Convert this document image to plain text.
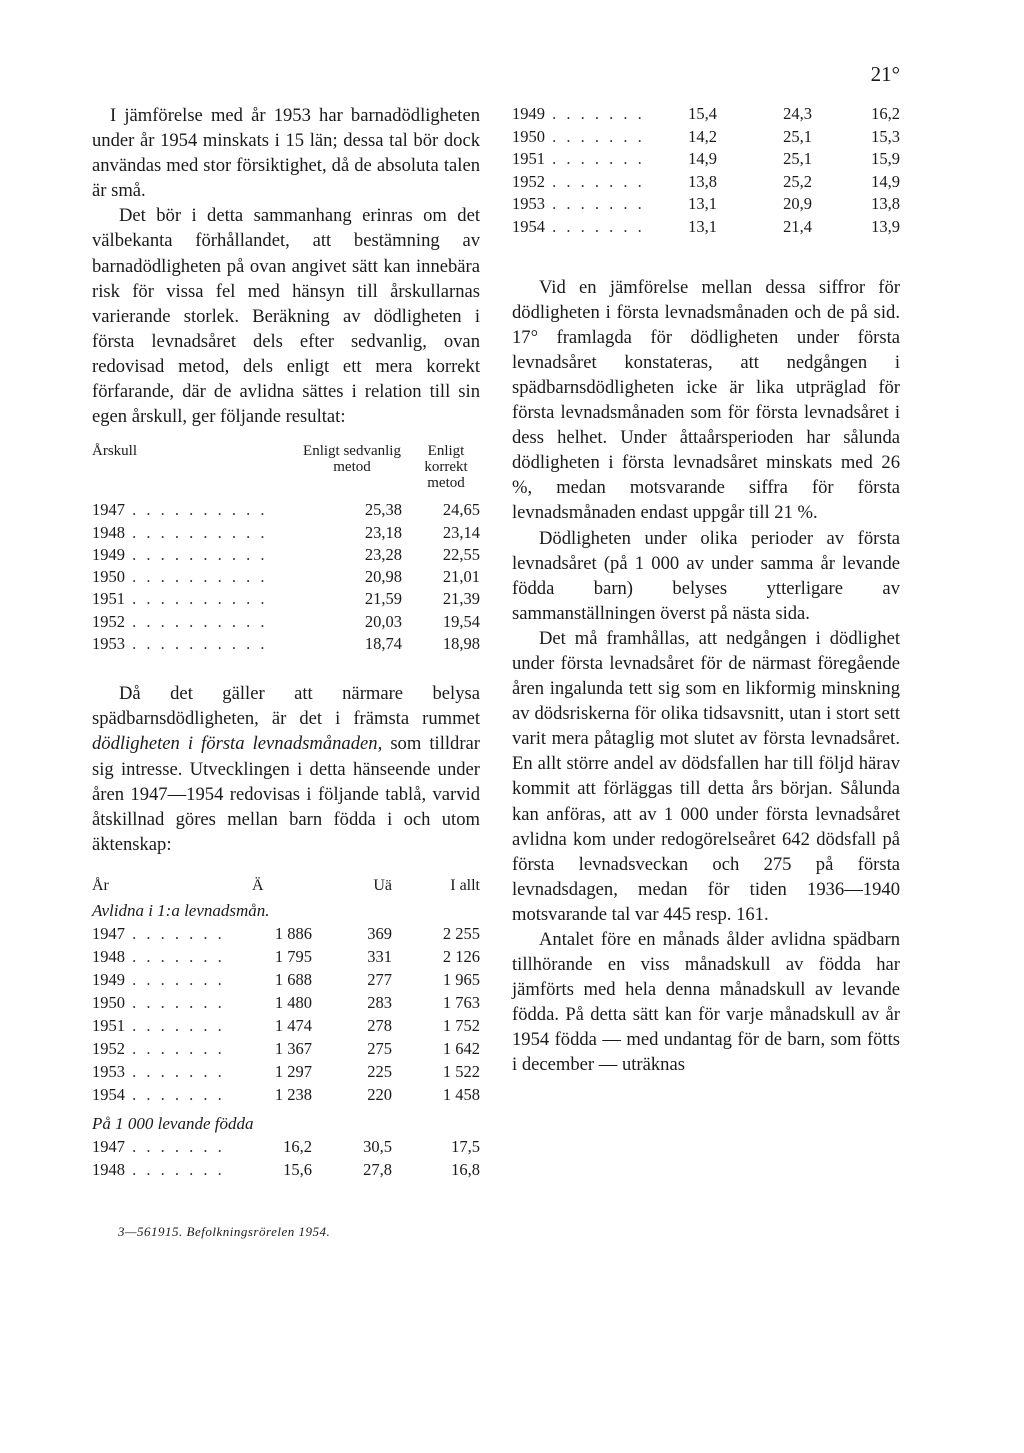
21°

I jämförelse med år 1953 har barnadödligheten under år 1954 minskats i 15 län; dessa tal bör dock användas med stor försiktighet, då de absoluta talen är små.

Det bör i detta sammanhang erinras om det välbekanta förhållandet, att bestämning av barnadödligheten på ovan angivet sätt kan innebära risk för vissa fel med hänsyn till årskullarnas varierande storlek. Beräkning av dödligheten i första levnadsåret dels efter sedvanlig, ovan redovisad metod, dels enligt ett mera korrekt förfarande, där de avlidna sättes i relation till sin egen årskull, ger följande resultat:

Årskull	Enligt sedvanlig metod	Enligt korrekt metod

1947 . . . . . . . . . .	25,38	24,65
1948 . . . . . . . . . .	23,18	23,14
1949 . . . . . . . . . .	23,28	22,55
1950 . . . . . . . . . .	20,98	21,01
1951 . . . . . . . . . .	21,59	21,39
1952 . . . . . . . . . .	20,03	19,54
1953 . . . . . . . . . .	18,74	18,98

Då det gäller att närmare belysa spädbarnsdödligheten, är det i främsta rummet dödligheten i första levnadsmånaden, som tilldrar sig intresse. Utvecklingen i detta hänseende under åren 1947—1954 redovisas i följande tablå, varvid åtskillnad göres mellan barn födda i och utom äktenskap:

År	Ä	Uä	I allt
Avlidna i 1:a levnadsmån.			
1947 . . . . . . .	1 886	369	2 255
1948 . . . . . . .	1 795	331	2 126
1949 . . . . . . .	1 688	277	1 965
1950 . . . . . . .	1 480	283	1 763
1951 . . . . . . .	1 474	278	1 752
1952 . . . . . . .	1 367	275	1 642
1953 . . . . . . .	1 297	225	1 522
1954 . . . . . . .	1 238	220	1 458
På 1 000 levande födda			
1947 . . . . . . .	16,2	30,5	17,5
1948 . . . . . . .	15,6	27,8	16,8
3—561915. Befolkningsrörelen 1954.
1949 . . . . . . .	15,4	24,3	16,2
1950 . . . . . . .	14,2	25,1	15,3
1951 . . . . . . .	14,9	25,1	15,9
1952 . . . . . . .	13,8	25,2	14,9
1953 . . . . . . .	13,1	20,9	13,8
1954 . . . . . . .	13,1	21,4	13,9

Vid en jämförelse mellan dessa siffror för dödligheten i första levnadsmånaden och de på sid. 17° framlagda för dödligheten under första levnadsåret konstateras, att nedgången i spädbarnsdödligheten icke är lika utpräglad för första levnadsmånaden som för första levnadsåret i dess helhet. Under åttaårsperioden har sålunda dödligheten i första levnadsåret minskats med 26 %, medan motsvarande siffra för första levnadsmånaden endast uppgår till 21 %.

Dödligheten under olika perioder av första levnadsåret (på 1 000 av under samma år levande födda barn) belyses ytterligare av sammanställningen överst på nästa sida.

Det må framhållas, att nedgången i dödlighet under första levnadsåret för de närmast föregående åren ingalunda tett sig som en likformig minskning av dödsriskerna för olika tidsavsnitt, utan i stort sett varit mera påtaglig mot slutet av första levnadsåret. En allt större andel av dödsfallen har till följd härav kommit att förläggas till detta års början. Sålunda kan anföras, att av 1 000 under första levnadsåret avlidna kom under redogörelseåret 642 dödsfall på första levnadsveckan och 275 på första levnadsdagen, medan för tiden 1936—1940 motsvarande tal var 445 resp. 161.

Antalet före en månads ålder avlidna spädbarn tillhörande en viss månadskull av födda har jämförts med hela denna månadskull av levande födda. På detta sätt kan för varje månadskull av år 1954 födda — med undantag för de barn, som fötts i december — uträknas
